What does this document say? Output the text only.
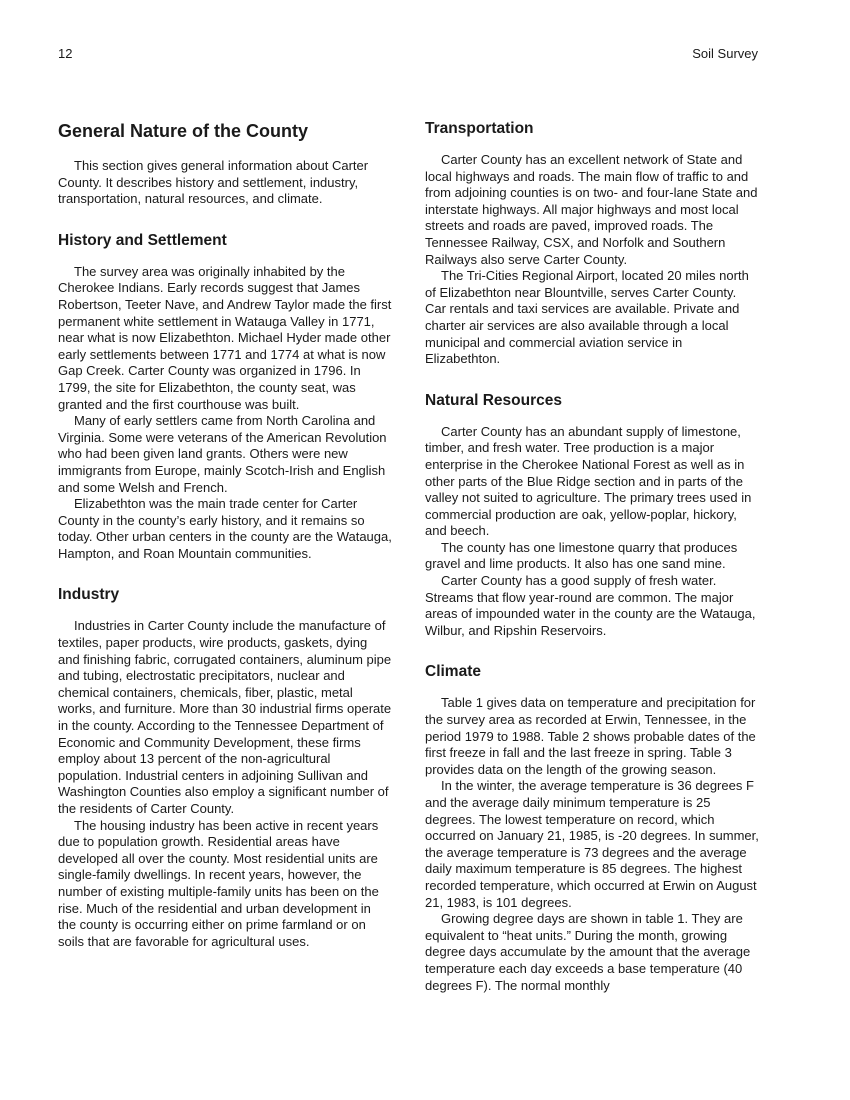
12	Soil Survey
General Nature of the County

This section gives general information about Carter County. It describes history and settlement, industry, transportation, natural resources, and climate.

History and Settlement

The survey area was originally inhabited by the Cherokee Indians. Early records suggest that James Robertson, Teeter Nave, and Andrew Taylor made the first permanent white settlement in Watauga Valley in 1771, near what is now Elizabethton. Michael Hyder made other early settlements between 1771 and 1774 at what is now Gap Creek. Carter County was organized in 1796. In 1799, the site for Elizabethton, the county seat, was granted and the first courthouse was built.

Many of early settlers came from North Carolina and Virginia. Some were veterans of the American Revolution who had been given land grants. Others were new immigrants from Europe, mainly Scotch-Irish and English and some Welsh and French.

Elizabethton was the main trade center for Carter County in the county’s early history, and it remains so today. Other urban centers in the county are the Watauga, Hampton, and Roan Mountain communities.

Industry

Industries in Carter County include the manufacture of textiles, paper products, wire products, gaskets, dying and finishing fabric, corrugated containers, aluminum pipe and tubing, electrostatic precipitators, nuclear and chemical containers, chemicals, fiber, plastic, metal works, and furniture. More than 30 industrial firms operate in the county. According to the Tennessee Department of Economic and Community Development, these firms employ about 13 percent of the non-agricultural population. Industrial centers in adjoining Sullivan and Washington Counties also employ a significant number of the residents of Carter County.

The housing industry has been active in recent years due to population growth. Residential areas have developed all over the county. Most residential units are single-family dwellings. In recent years, however, the number of existing multiple-family units has been on the rise. Much of the residential and urban development in the county is occurring either on prime farmland or on soils that are favorable for agricultural uses.

Transportation

Carter County has an excellent network of State and local highways and roads. The main flow of traffic to and from adjoining counties is on two- and four-lane State and interstate highways. All major highways and most local streets and roads are paved, improved roads. The Tennessee Railway, CSX, and Norfolk and Southern Railways also serve Carter County.

The Tri-Cities Regional Airport, located 20 miles north of Elizabethton near Blountville, serves Carter County. Car rentals and taxi services are available. Private and charter air services are also available through a local municipal and commercial aviation service in Elizabethton.

Natural Resources

Carter County has an abundant supply of limestone, timber, and fresh water. Tree production is a major enterprise in the Cherokee National Forest as well as in other parts of the Blue Ridge section and in parts of the valley not suited to agriculture. The primary trees used in commercial production are oak, yellow-poplar, hickory, and beech.

The county has one limestone quarry that produces gravel and lime products. It also has one sand mine.

Carter County has a good supply of fresh water. Streams that flow year-round are common. The major areas of impounded water in the county are the Watauga, Wilbur, and Ripshin Reservoirs.

Climate

Table 1 gives data on temperature and precipitation for the survey area as recorded at Erwin, Tennessee, in the period 1979 to 1988. Table 2 shows probable dates of the first freeze in fall and the last freeze in spring. Table 3 provides data on the length of the growing season.

In the winter, the average temperature is 36 degrees F and the average daily minimum temperature is 25 degrees. The lowest temperature on record, which occurred on January 21, 1985, is -20 degrees. In summer, the average temperature is 73 degrees and the average daily maximum temperature is 85 degrees. The highest recorded temperature, which occurred at Erwin on August 21, 1983, is 101 degrees.

Growing degree days are shown in table 1. They are equivalent to “heat units.” During the month, growing degree days accumulate by the amount that the average temperature each day exceeds a base temperature (40 degrees F). The normal monthly
